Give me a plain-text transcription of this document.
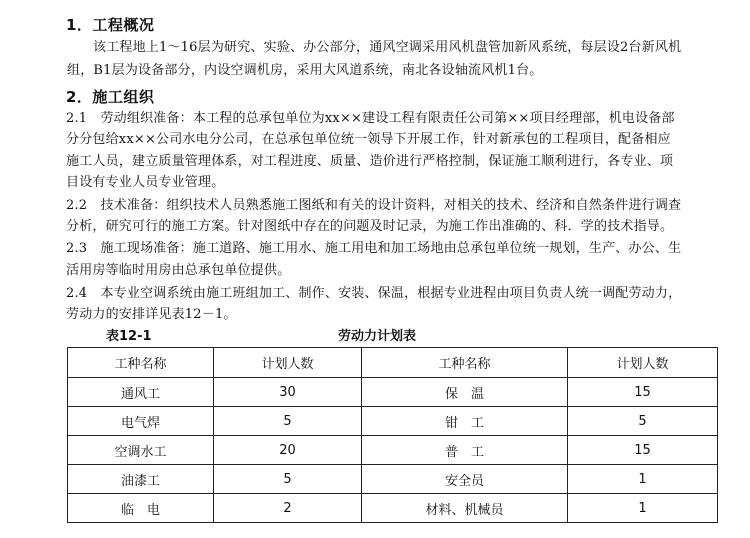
1．工程概况
该工程地上1～16层为研究、实验、办公部分，通风空调采用风机盘管加新风系统，每层设2台新风机
组，B1层为设备部分，内设空调机房，采用大风道系统，南北各设轴流风机1台。
2．施工组织
2.1　劳动组织准备：本工程的总承包单位为xx××建设工程有限责任公司第××项目经理部，机电设备部
分分包给xx××公司水电分公司，在总承包单位统一领导下开展工作，针对新承包的工程项目，配备相应
施工人员，建立质量管理体系，对工程进度、质量、造价进行严格控制，保证施工顺利进行，各专业、项
目设有专业人员专业管理。
2.2　技术准备：组织技术人员熟悉施工图纸和有关的设计资料，对相关的技术、经济和自然条件进行调查
分析，研究可行的施工方案。针对图纸中存在的问题及时记录，为施工作出准确的、科．学的技术指导。
2.3　施工现场准备：施工道路、施工用水、施工用电和加工场地由总承包单位统一规划，生产、办公、生
活用房等临时用房由总承包单位提供。
2.4　本专业空调系统由施工班组加工、制作、安装、保温，根据专业进程由项目负责人统一调配劳动力，
劳动力的安排详见表12－1。
表12-1	劳动力计划表
工种名称	计划人数	工种名称	计划人数
通风工	30	保　温	15
电气焊	5	钳　工	5
空调水工	20	普　工	15
油漆工	5	安全员	1
临　电	2	材料、机械员	1
